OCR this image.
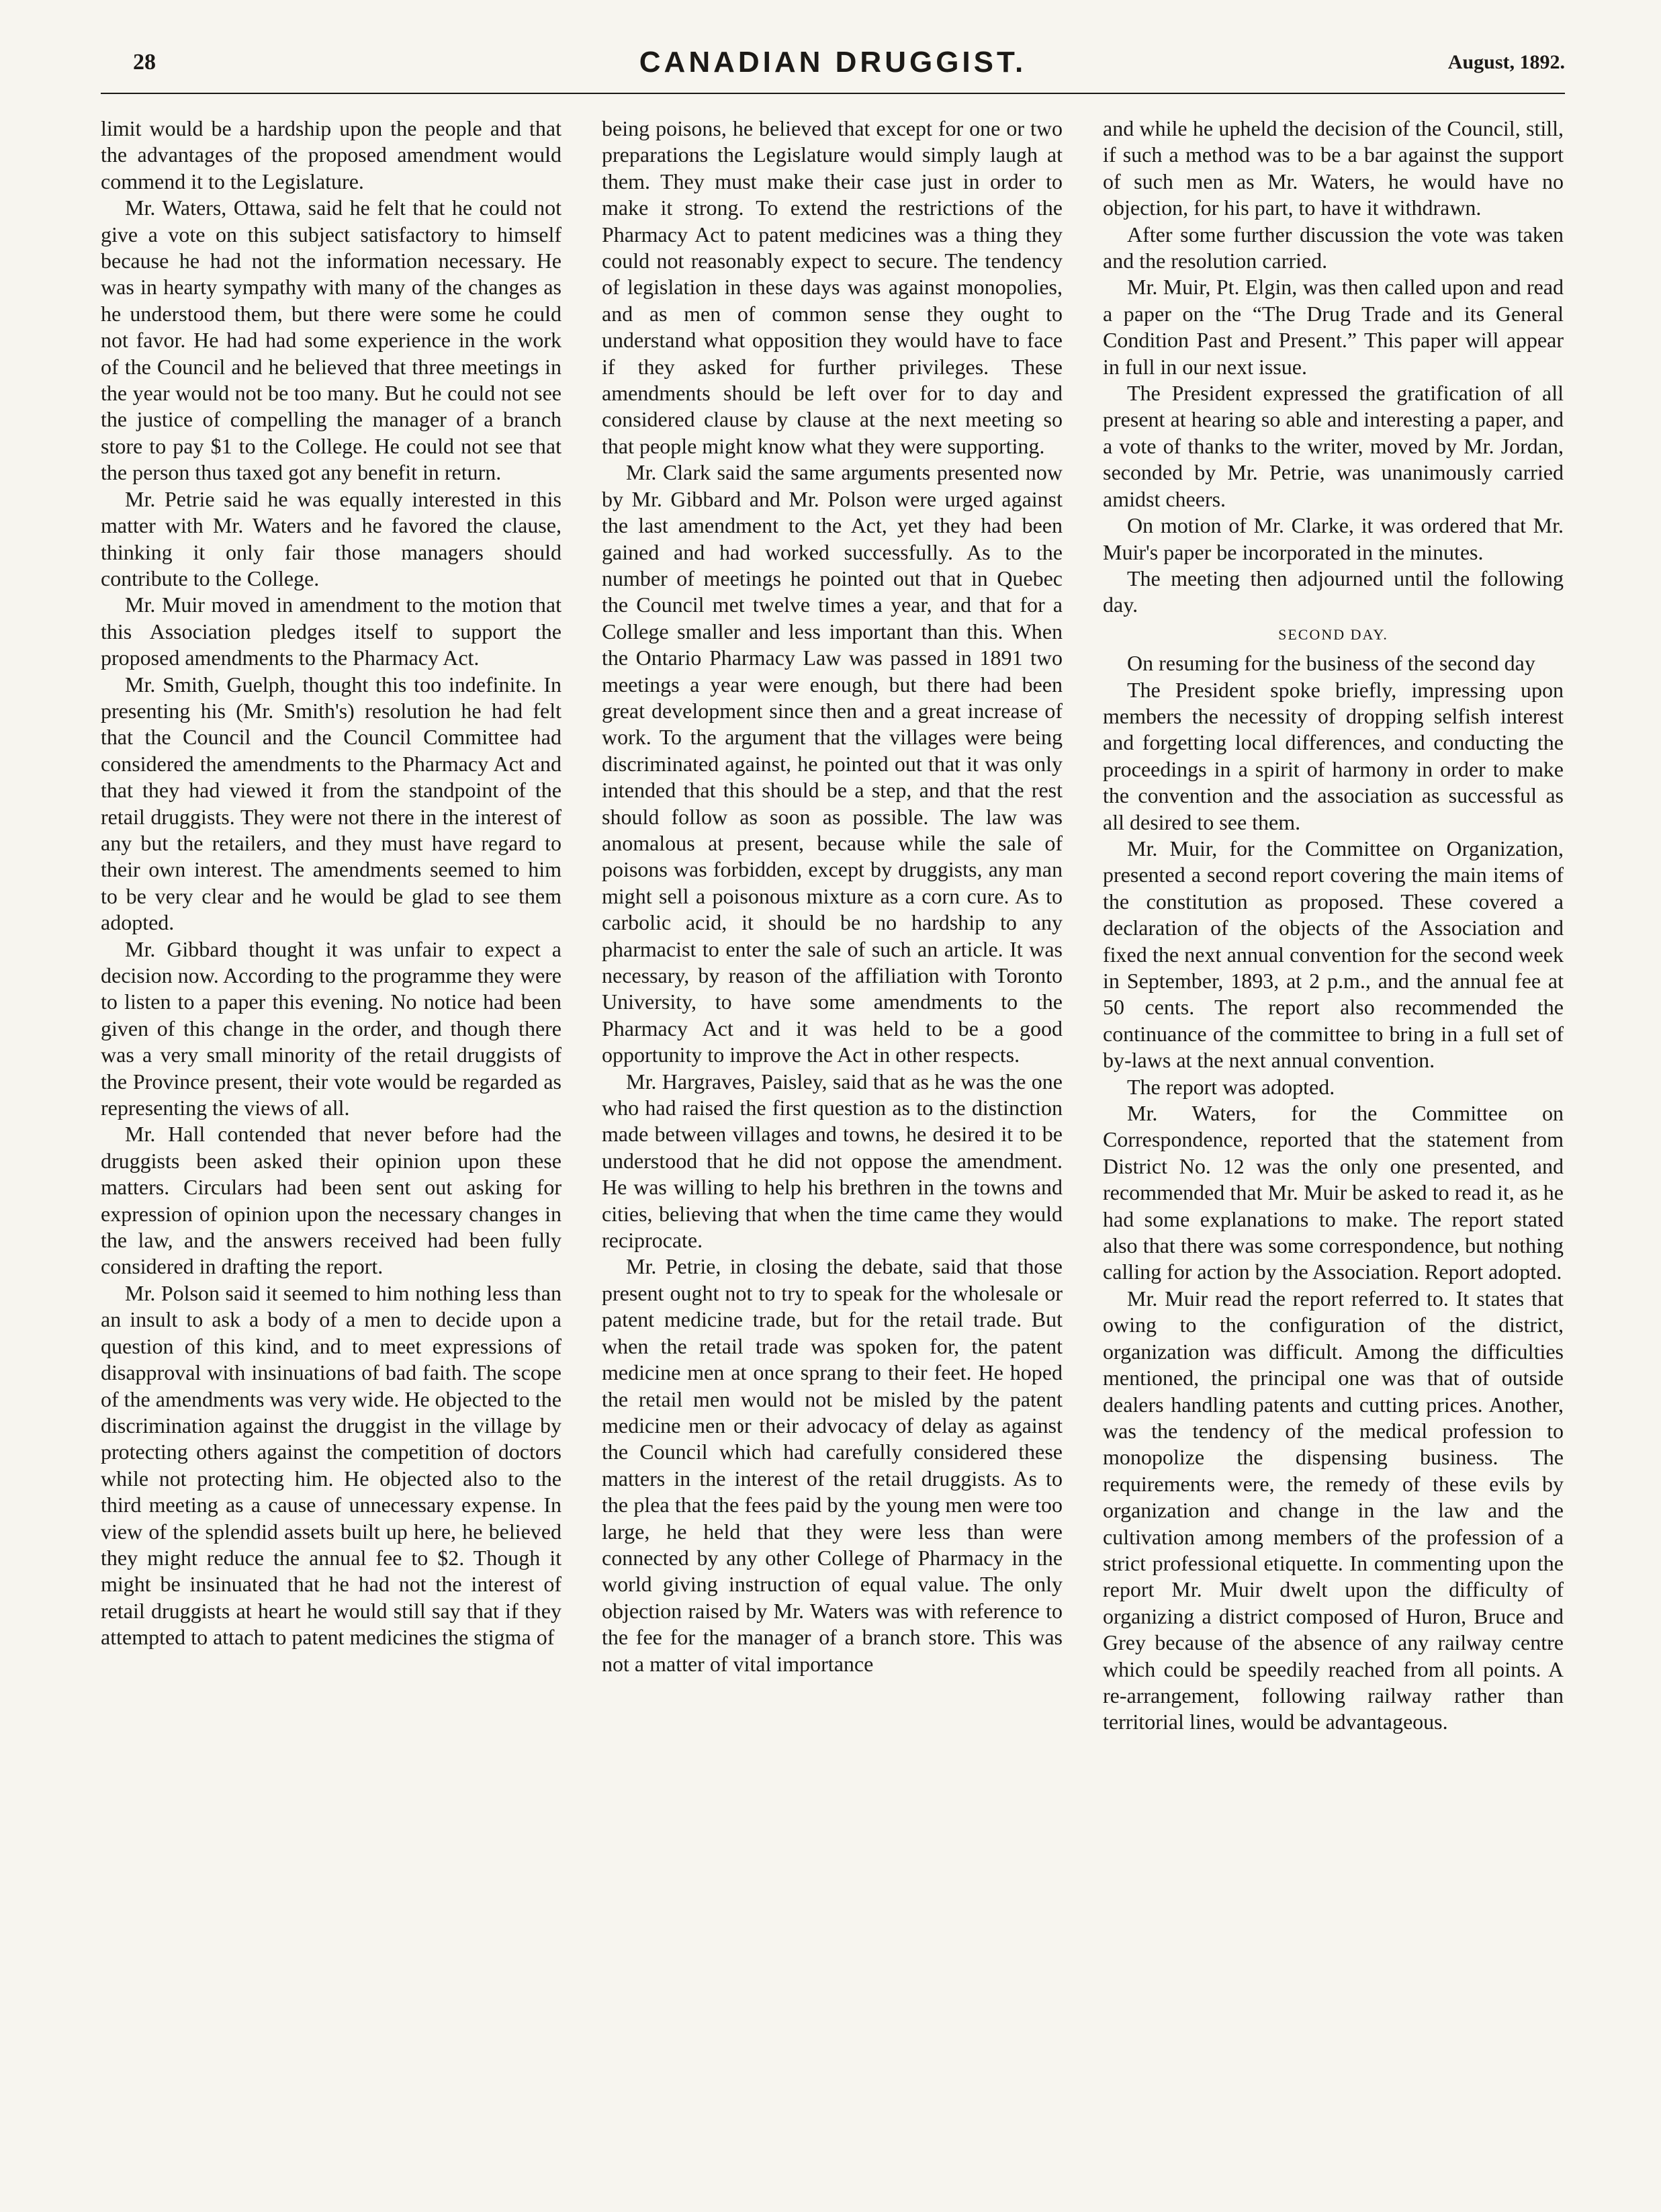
28	CANADIAN DRUGGIST.	August, 1892.

limit would be a hardship upon the people and that the advantages of the proposed amendment would commend it to the Legislature.

Mr. Waters, Ottawa, said he felt that he could not give a vote on this subject satisfactory to himself because he had not the information necessary. He was in hearty sympathy with many of the changes as he understood them, but there were some he could not favor. He had had some experience in the work of the Council and he believed that three meetings in the year would not be too many. But he could not see the justice of compelling the manager of a branch store to pay $1 to the College. He could not see that the person thus taxed got any benefit in return.

Mr. Petrie said he was equally interested in this matter with Mr. Waters and he favored the clause, thinking it only fair those managers should contribute to the College.

Mr. Muir moved in amendment to the motion that this Association pledges itself to support the proposed amendments to the Pharmacy Act.

Mr. Smith, Guelph, thought this too indefinite. In presenting his (Mr. Smith's) resolution he had felt that the Council and the Council Committee had considered the amendments to the Pharmacy Act and that they had viewed it from the standpoint of the retail druggists. They were not there in the interest of any but the retailers, and they must have regard to their own interest. The amendments seemed to him to be very clear and he would be glad to see them adopted.

Mr. Gibbard thought it was unfair to expect a decision now. According to the programme they were to listen to a paper this evening. No notice had been given of this change in the order, and though there was a very small minority of the retail druggists of the Province present, their vote would be regarded as representing the views of all.

Mr. Hall contended that never before had the druggists been asked their opinion upon these matters. Circulars had been sent out asking for expression of opinion upon the necessary changes in the law, and the answers received had been fully considered in drafting the report.

Mr. Polson said it seemed to him nothing less than an insult to ask a body of a men to decide upon a question of this kind, and to meet expressions of disapproval with insinuations of bad faith. The scope of the amendments was very wide. He objected to the discrimination against the druggist in the village by protecting others against the competition of doctors while not protecting him. He objected also to the third meeting as a cause of unnecessary expense. In view of the splendid assets built up here, he believed they might reduce the annual fee to $2. Though it might be insinuated that he had not the interest of retail druggists at heart he would still say that if they attempted to attach to patent medicines the stigma of

being poisons, he believed that except for one or two preparations the Legislature would simply laugh at them. They must make their case just in order to make it strong. To extend the restrictions of the Pharmacy Act to patent medicines was a thing they could not reasonably expect to secure. The tendency of legislation in these days was against monopolies, and as men of common sense they ought to understand what opposition they would have to face if they asked for further privileges. These amendments should be left over for to day and considered clause by clause at the next meeting so that people might know what they were supporting.

Mr. Clark said the same arguments presented now by Mr. Gibbard and Mr. Polson were urged against the last amendment to the Act, yet they had been gained and had worked successfully. As to the number of meetings he pointed out that in Quebec the Council met twelve times a year, and that for a College smaller and less important than this. When the Ontario Pharmacy Law was passed in 1891 two meetings a year were enough, but there had been great development since then and a great increase of work. To the argument that the villages were being discriminated against, he pointed out that it was only intended that this should be a step, and that the rest should follow as soon as possible. The law was anomalous at present, because while the sale of poisons was forbidden, except by druggists, any man might sell a poisonous mixture as a corn cure. As to carbolic acid, it should be no hardship to any pharmacist to enter the sale of such an article. It was necessary, by reason of the affiliation with Toronto University, to have some amendments to the Pharmacy Act and it was held to be a good opportunity to improve the Act in other respects.

Mr. Hargraves, Paisley, said that as he was the one who had raised the first question as to the distinction made between villages and towns, he desired it to be understood that he did not oppose the amendment. He was willing to help his brethren in the towns and cities, believing that when the time came they would reciprocate.

Mr. Petrie, in closing the debate, said that those present ought not to try to speak for the wholesale or patent medicine trade, but for the retail trade. But when the retail trade was spoken for, the patent medicine men at once sprang to their feet. He hoped the retail men would not be misled by the patent medicine men or their advocacy of delay as against the Council which had carefully considered these matters in the interest of the retail druggists. As to the plea that the fees paid by the young men were too large, he held that they were less than were connected by any other College of Pharmacy in the world giving instruction of equal value. The only objection raised by Mr. Waters was with reference to the fee for the manager of a branch store. This was not a matter of vital importance

and while he upheld the decision of the Council, still, if such a method was to be a bar against the support of such men as Mr. Waters, he would have no objection, for his part, to have it withdrawn.

After some further discussion the vote was taken and the resolution carried.

Mr. Muir, Pt. Elgin, was then called upon and read a paper on the “The Drug Trade and its General Condition Past and Present.” This paper will appear in full in our next issue.

The President expressed the gratification of all present at hearing so able and interesting a paper, and a vote of thanks to the writer, moved by Mr. Jordan, seconded by Mr. Petrie, was unanimously carried amidst cheers.

On motion of Mr. Clarke, it was ordered that Mr. Muir's paper be incorporated in the minutes.

The meeting then adjourned until the following day.

SECOND DAY.

On resuming for the business of the second day

The President spoke briefly, impressing upon members the necessity of dropping selfish interest and forgetting local differences, and conducting the proceedings in a spirit of harmony in order to make the convention and the association as successful as all desired to see them.

Mr. Muir, for the Committee on Organization, presented a second report covering the main items of the constitution as proposed. These covered a declaration of the objects of the Association and fixed the next annual convention for the second week in September, 1893, at 2 p.m., and the annual fee at 50 cents. The report also recommended the continuance of the committee to bring in a full set of by-laws at the next annual convention.

The report was adopted.

Mr. Waters, for the Committee on Correspondence, reported that the statement from District No. 12 was the only one presented, and recommended that Mr. Muir be asked to read it, as he had some explanations to make. The report stated also that there was some correspondence, but nothing calling for action by the Association. Report adopted.

Mr. Muir read the report referred to. It states that owing to the configuration of the district, organization was difficult. Among the difficulties mentioned, the principal one was that of outside dealers handling patents and cutting prices. Another, was the tendency of the medical profession to monopolize the dispensing business. The requirements were, the remedy of these evils by organization and change in the law and the cultivation among members of the profession of a strict professional etiquette. In commenting upon the report Mr. Muir dwelt upon the difficulty of organizing a district composed of Huron, Bruce and Grey because of the absence of any railway centre which could be speedily reached from all points. A re-arrangement, following railway rather than territorial lines, would be advantageous.
